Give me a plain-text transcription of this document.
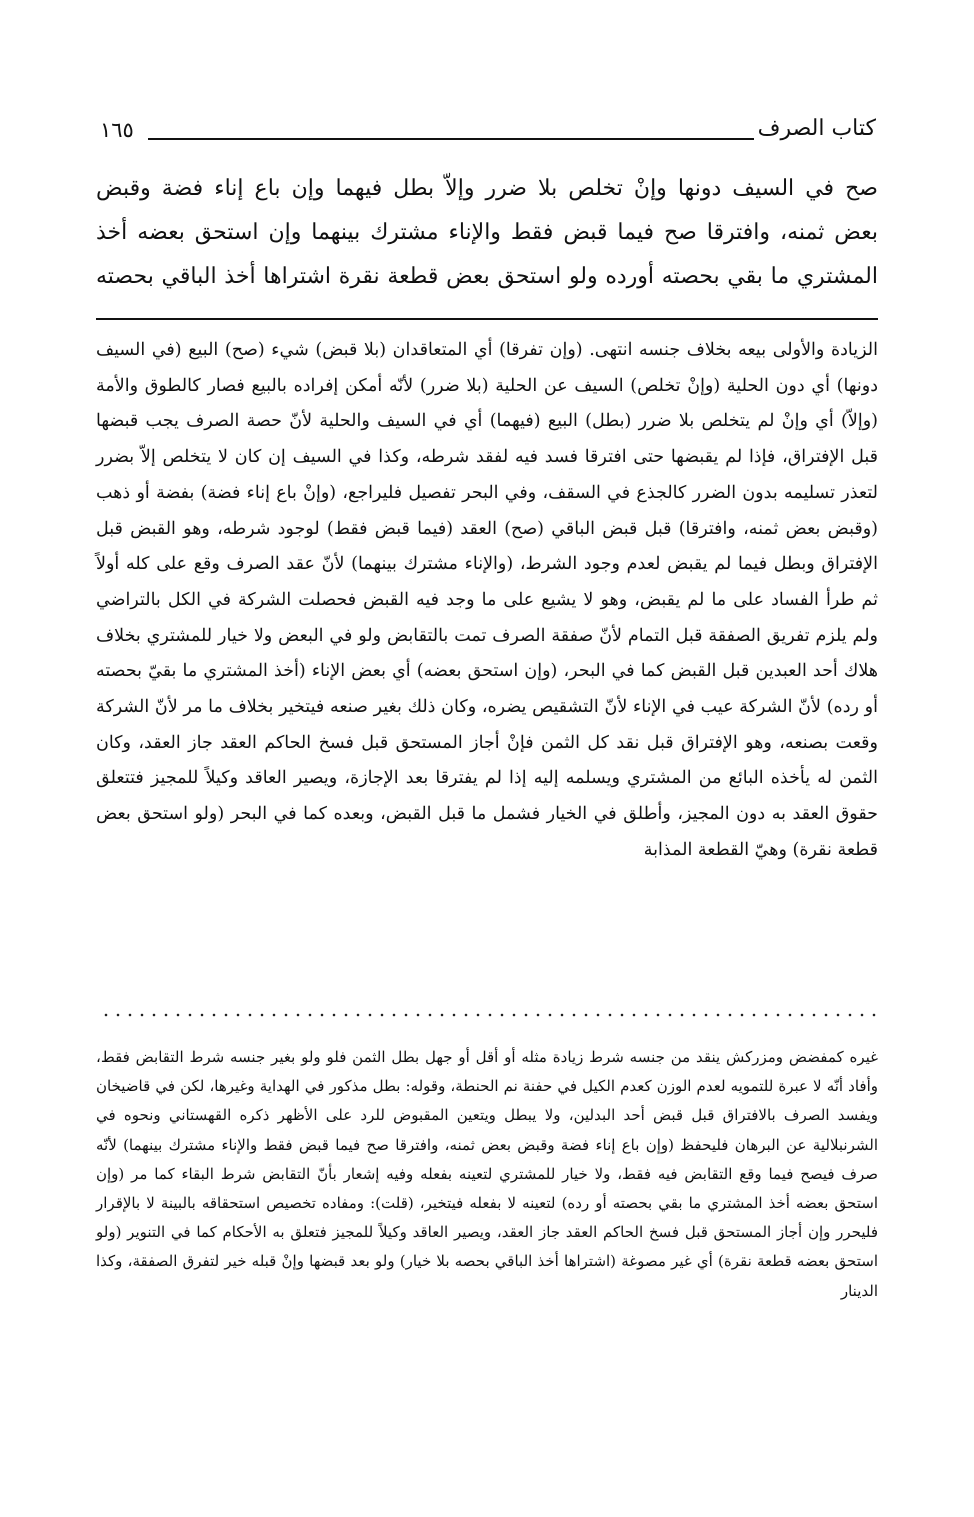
كتاب الصرف
١٦٥

صح في السيف دونها وإنْ تخلص بلا ضرر وإلاّ بطل فيهما وإن باع إناء فضة وقبض

بعض ثمنه، وافترقا صح فيما قبض فقط والإناء مشترك بينهما وإن استحق بعضه أخذ

المشتري ما بقي بحصته أورده ولو استحق بعض قطعة نقرة اشتراها أخذ الباقي بحصته

الزيادة والأولى بيعه بخلاف جنسه انتهى. (وإن تفرقا) أي المتعاقدان (بلا قبض) شيء (صح) البيع (في السيف دونها) أي دون الحلية (وإنْ تخلص) السيف عن الحلية (بلا ضرر) لأنّه أمكن إفراده بالبيع فصار كالطوق والأمة (وإلاّ) أي وإنْ لم يتخلص بلا ضرر (بطل) البيع (فيهما) أي في السيف والحلية لأنّ حصة الصرف يجب قبضها قبل الإفتراق، فإذا لم يقبضها حتى افترقا فسد فيه لفقد شرطه، وكذا في السيف إن كان لا يتخلص إلاّ بضرر لتعذر تسليمه بدون الضرر كالجذع في السقف، وفي البحر تفصيل فليراجع، (وإنْ باع إناء فضة) بفضة أو ذهب (وقبض بعض ثمنه، وافترقا) قبل قبض الباقي (صح) العقد (فيما قبض فقط) لوجود شرطه، وهو القبض قبل الإفتراق وبطل فيما لم يقبض لعدم وجود الشرط، (والإناء مشترك بينهما) لأنّ عقد الصرف وقع على كله أولاً ثم طرأ الفساد على ما لم يقبض، وهو لا يشيع على ما وجد فيه القبض فحصلت الشركة في الكل بالتراضي ولم يلزم تفريق الصفقة قبل التمام لأنّ صفقة الصرف تمت بالتقابض ولو في البعض ولا خيار للمشتري بخلاف هلاك أحد العبدين قبل القبض كما في البحر، (وإن استحق بعضه) أي بعض الإناء (أخذ المشتري ما بقيّ بحصته أو رده) لأنّ الشركة عيب في الإناء لأنّ التشقيص يضره، وكان ذلك بغير صنعه فيتخير بخلاف ما مر لأنّ الشركة وقعت بصنعه، وهو الإفتراق قبل نقد كل الثمن فإنْ أجاز المستحق قبل فسخ الحاكم العقد جاز العقد، وكان الثمن له يأخذه البائع من المشتري ويسلمه إليه إذا لم يفترقا بعد الإجازة، ويصير العاقد وكيلاً للمجيز فتتعلق حقوق العقد به دون المجيز، وأطلق في الخيار فشمل ما قبل القبض، وبعده كما في البحر (ولو استحق بعض قطعة نقرة) وهيّ القطعة المذابة

غيره كمفضض ومزركش ينقد من جنسه شرط زيادة مثله أو أقل أو جهل بطل الثمن فلو ولو بغير جنسه شرط التقابض فقط، وأفاد أنّه لا عبرة للتمويه لعدم الوزن كعدم الكيل في حفنة نم الحنطة، وقوله: بطل مذكور في الهداية وغيرها، لكن في قاضيخان ويفسد الصرف بالافتراق قبل قبض أحد البدلين، ولا يبطل ويتعين المقبوض للرد على الأظهر ذكره القهستاني ونحوه في الشرنبلالية عن البرهان فليحفظ (وإن باع إناء فضة وقبض بعض ثمنه، وافترقا صح فيما قبض فقط والإناء مشترك بينهما) لأنّه صرف فيصح فيما وقع التقابض فيه فقط، ولا خيار للمشتري لتعينه بفعله وفيه إشعار بأنّ التقابض شرط البقاء كما مر (وإن استحق بعضه أخذ المشتري ما بقي بحصته أو رده) لتعينه لا بفعله فيتخير، (قلت): ومفاده تخصيص استحقاقه بالبينة لا بالإقرار فليحرر وإن أجاز المستحق قبل فسخ الحاكم العقد جاز العقد، ويصير العاقد وكيلاً للمجيز فتعلق به الأحكام كما في التنوير (ولو استحق بعضه قطعة نقرة) أي غير مصوغة (اشتراها أخذ الباقي بحصه بلا خيار) ولو بعد قبضها وإنْ قبله خير لتفرق الصفقة، وكذا الدينار
